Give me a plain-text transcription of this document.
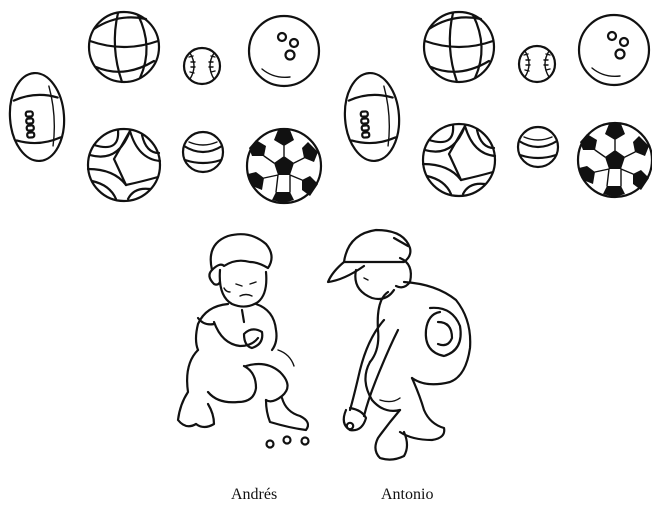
Andrés	Antonio
